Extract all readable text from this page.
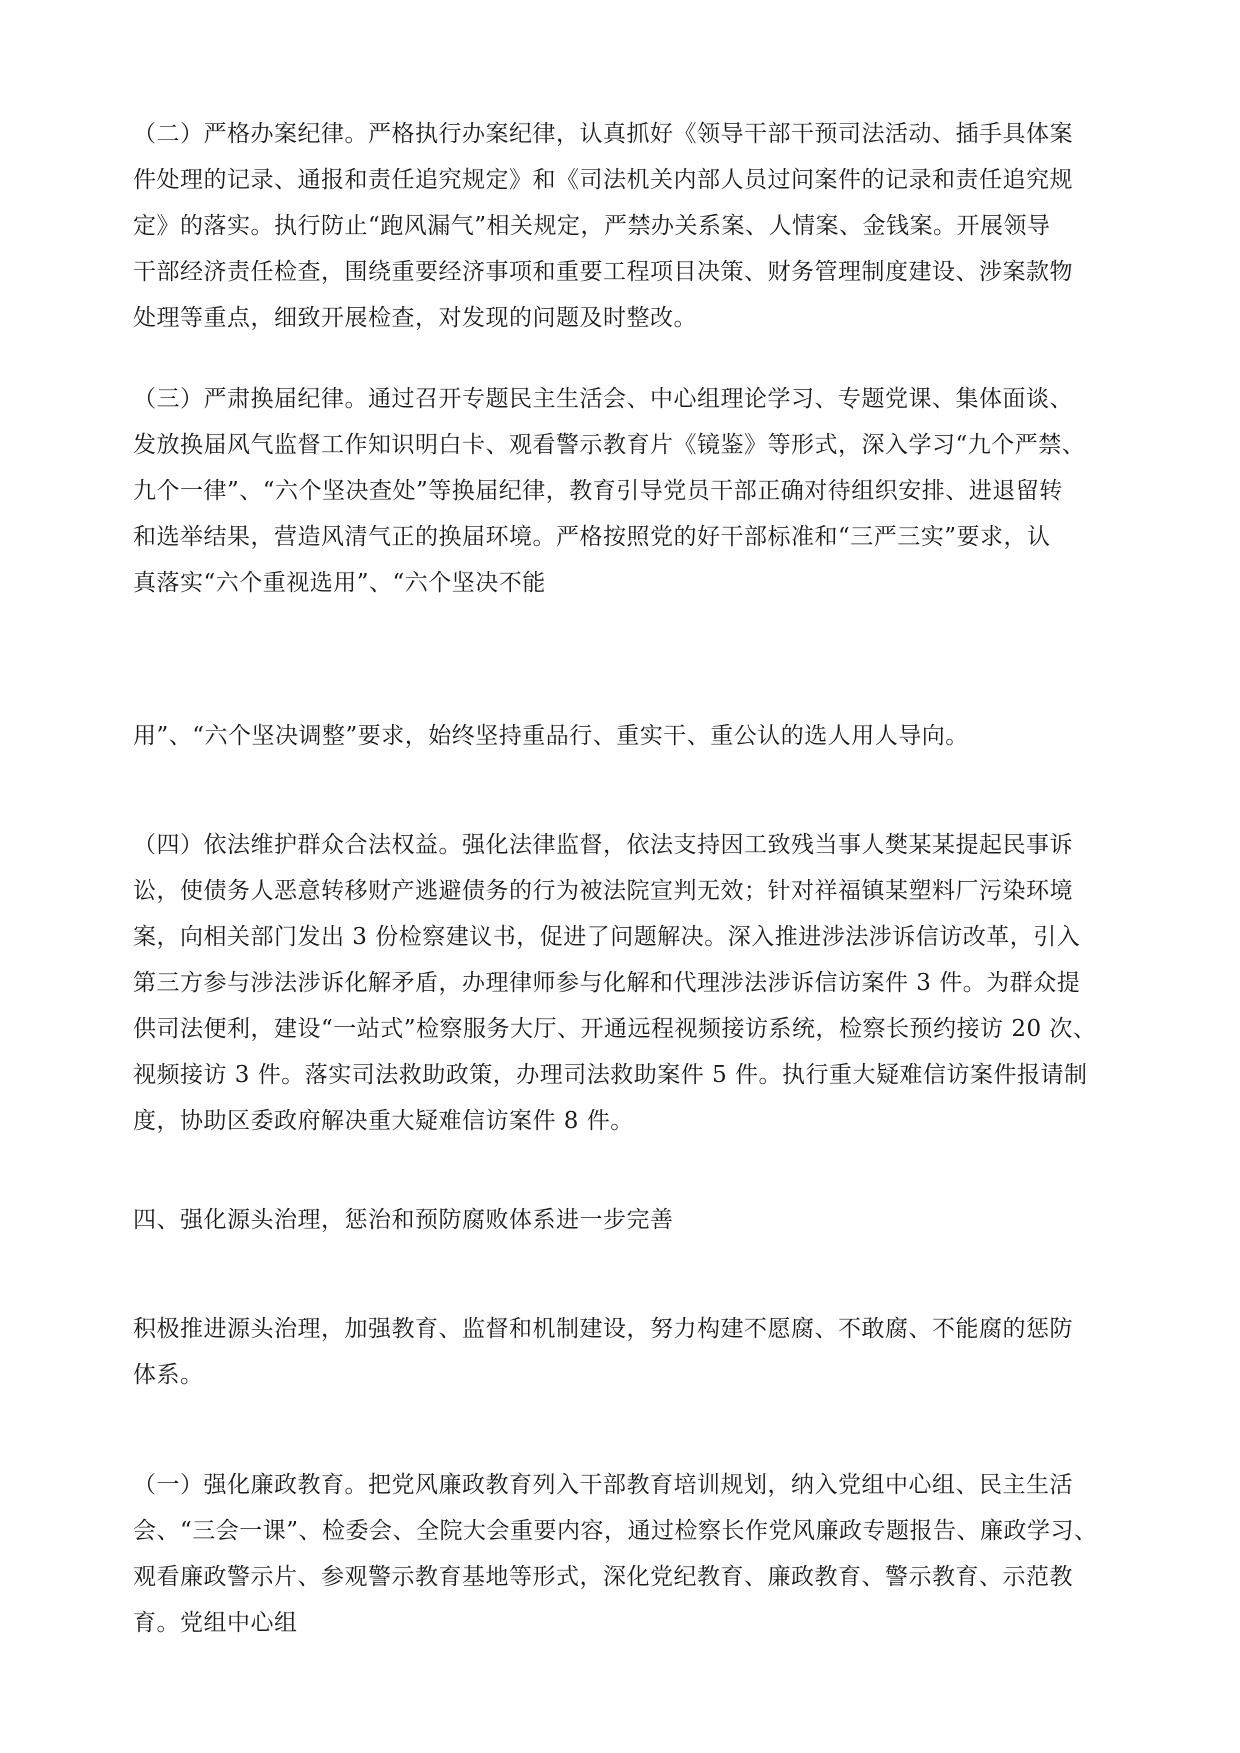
（二）严格办案纪律。严格执行办案纪律，认真抓好《领导干部干预司法活动、插手具体案
件处理的记录、通报和责任追究规定》和《司法机关内部人员过问案件的记录和责任追究规
定》的落实。执行防止“跑风漏气”相关规定，严禁办关系案、人情案、金钱案。开展领导
干部经济责任检查，围绕重要经济事项和重要工程项目决策、财务管理制度建设、涉案款物
处理等重点，细致开展检查，对发现的问题及时整改。
（三）严肃换届纪律。通过召开专题民主生活会、中心组理论学习、专题党课、集体面谈、
发放换届风气监督工作知识明白卡、观看警示教育片《镜鉴》等形式，深入学习“九个严禁、
九个一律”、“六个坚决查处”等换届纪律，教育引导党员干部正确对待组织安排、进退留转
和选举结果，营造风清气正的换届环境。严格按照党的好干部标准和“三严三实”要求，认
真落实“六个重视选用”、“六个坚决不能
用”、“六个坚决调整”要求，始终坚持重品行、重实干、重公认的选人用人导向。
（四）依法维护群众合法权益。强化法律监督，依法支持因工致残当事人樊某某提起民事诉
讼，使债务人恶意转移财产逃避债务的行为被法院宣判无效；针对祥福镇某塑料厂污染环境
案，向相关部门发出 3 份检察建议书，促进了问题解决。深入推进涉法涉诉信访改革，引入
第三方参与涉法涉诉化解矛盾，办理律师参与化解和代理涉法涉诉信访案件 3 件。为群众提
供司法便利，建设“一站式”检察服务大厅、开通远程视频接访系统，检察长预约接访 20 次、
视频接访 3 件。落实司法救助政策，办理司法救助案件 5 件。执行重大疑难信访案件报请制
度，协助区委政府解决重大疑难信访案件 8 件。
四、强化源头治理，惩治和预防腐败体系进一步完善
积极推进源头治理，加强教育、监督和机制建设，努力构建不愿腐、不敢腐、不能腐的惩防
体系。
（一）强化廉政教育。把党风廉政教育列入干部教育培训规划，纳入党组中心组、民主生活
会、“三会一课”、检委会、全院大会重要内容，通过检察长作党风廉政专题报告、廉政学习、
观看廉政警示片、参观警示教育基地等形式，深化党纪教育、廉政教育、警示教育、示范教
育。党组中心组
